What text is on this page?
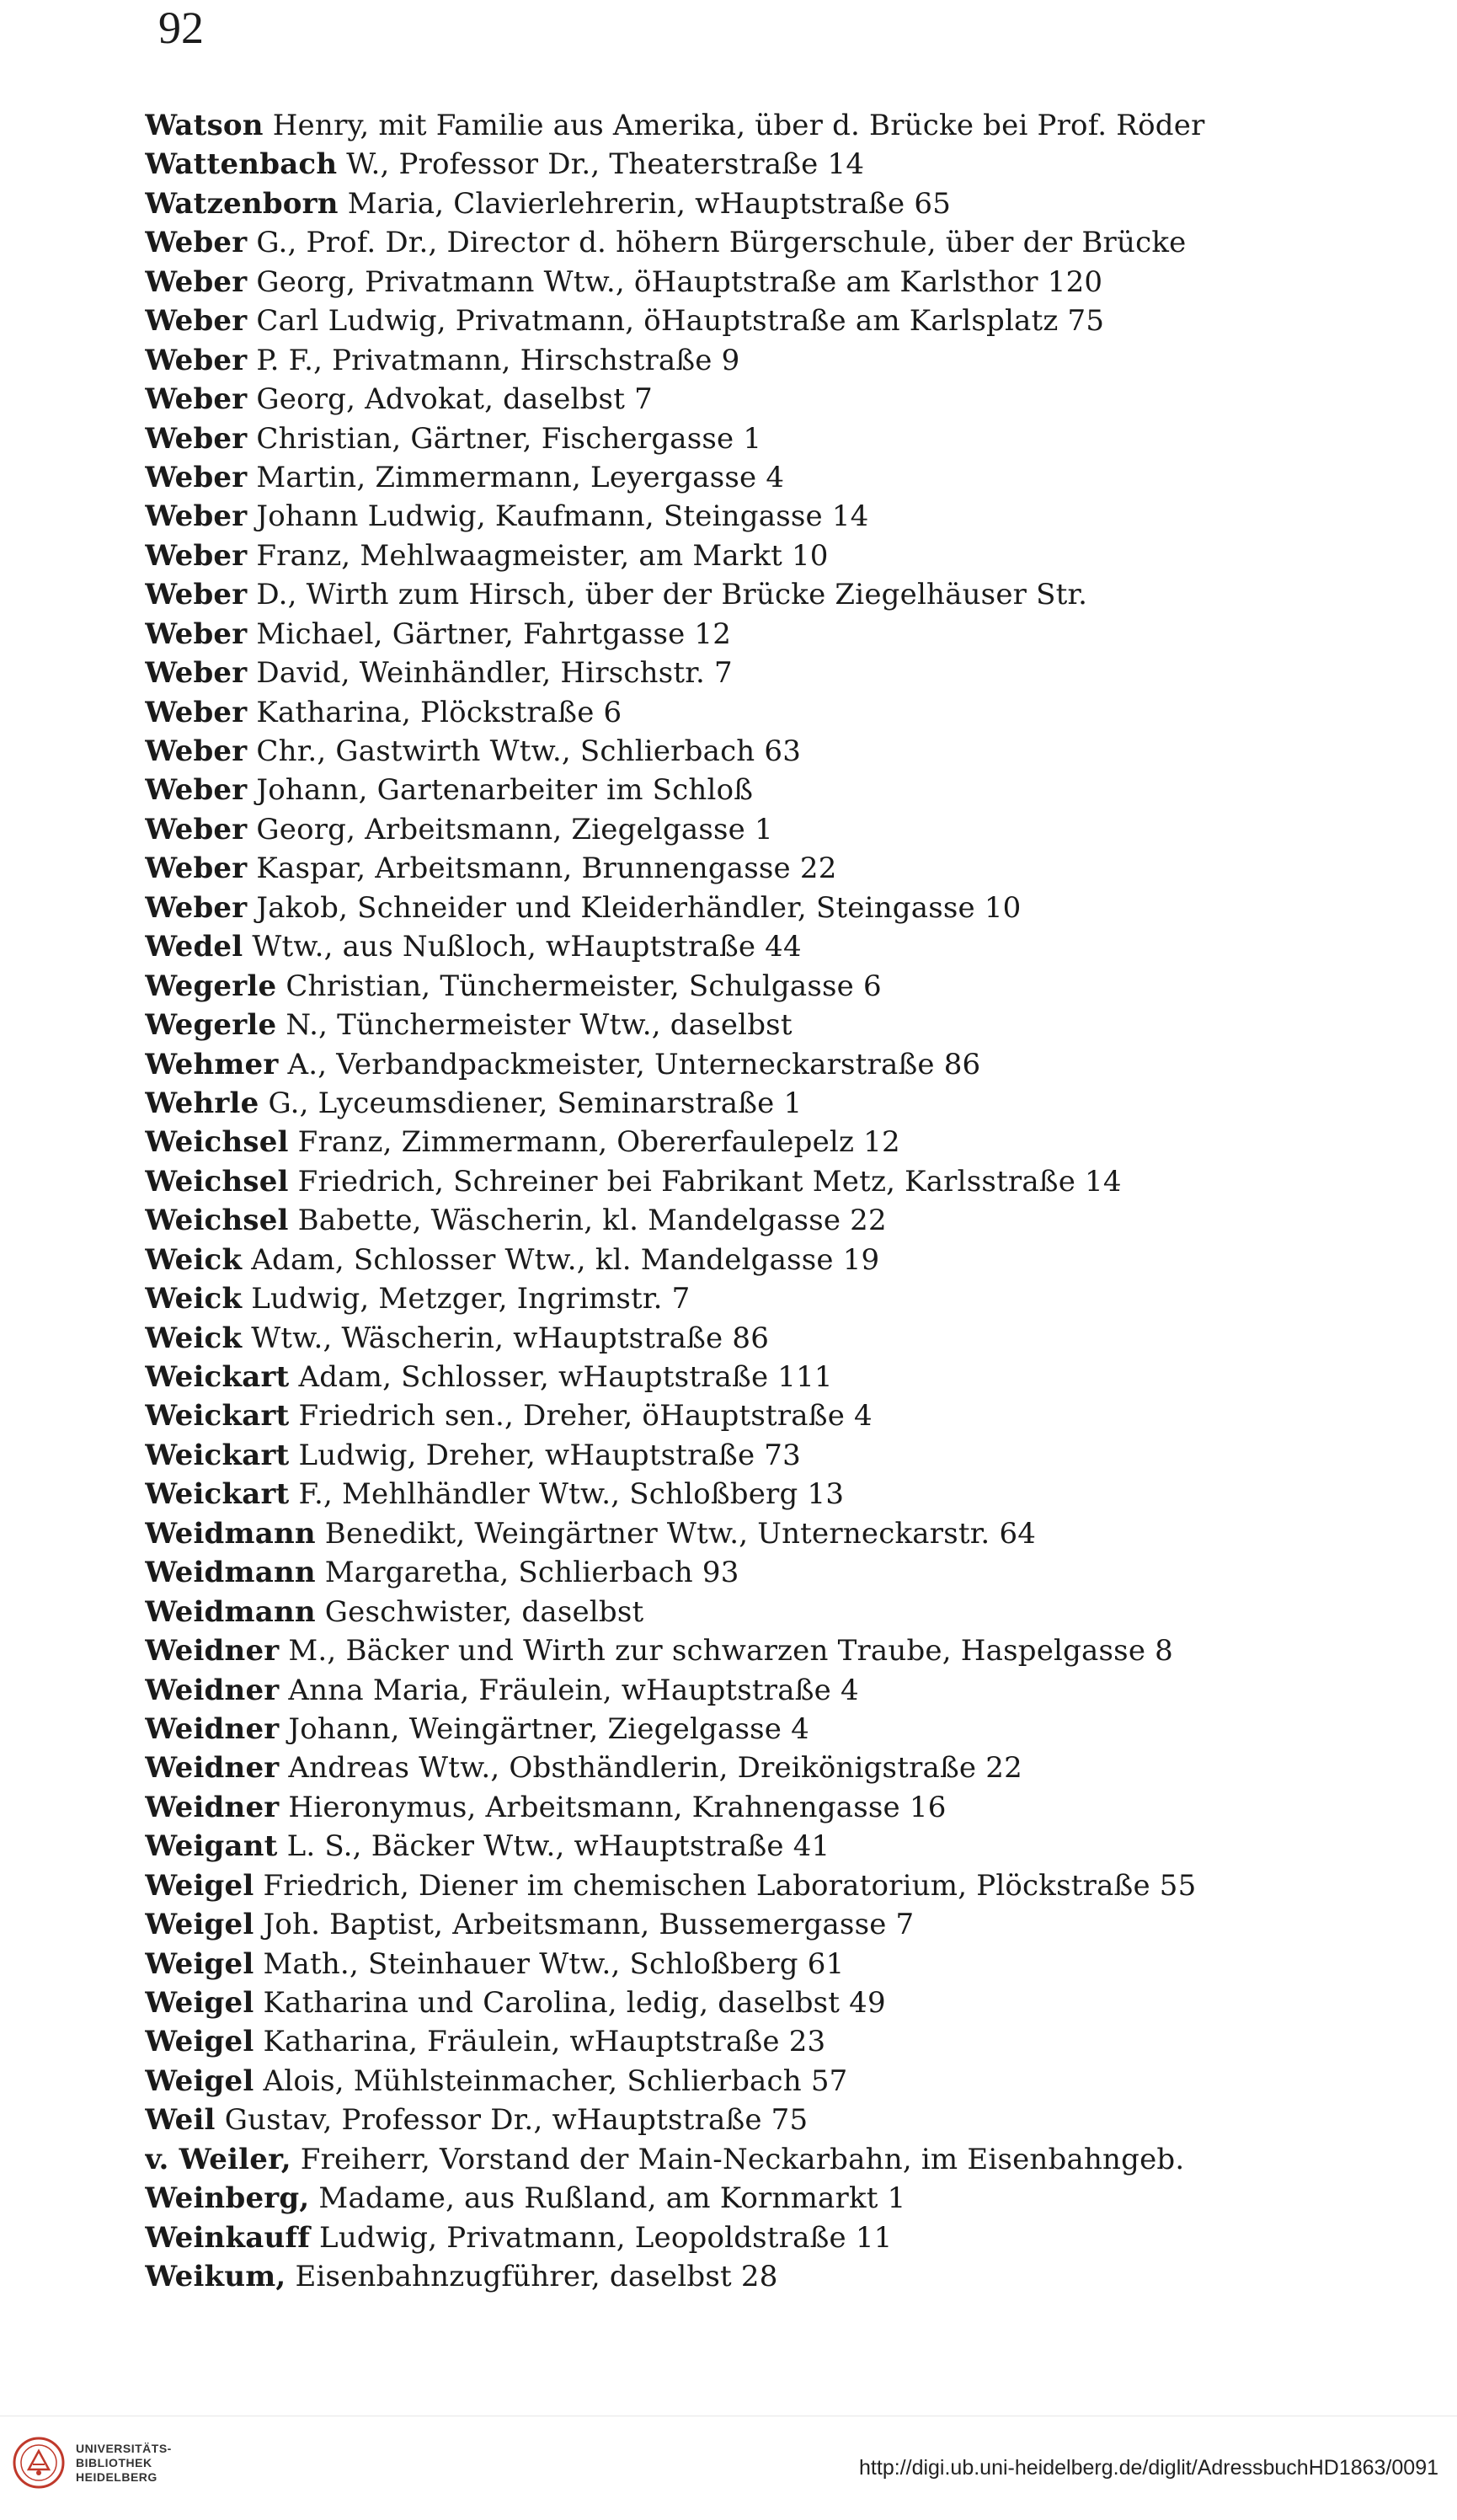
92
Watson Henry, mit Familie aus Amerika, über d. Brücke bei Prof. Röder
Wattenbach W., Professor Dr., Theaterstraße 14
Watzenborn Maria, Clavierlehrerin, wHauptstraße 65
Weber G., Prof. Dr., Director d. höhern Bürgerschule, über der Brücke
Weber Georg, Privatmann Wtw., öHauptstraße am Karlsthor 120
Weber Carl Ludwig, Privatmann, öHauptstraße am Karlsplatz 75
Weber P. F., Privatmann, Hirschstraße 9
Weber Georg, Advokat, daselbst 7
Weber Christian, Gärtner, Fischergasse 1
Weber Martin, Zimmermann, Leyergasse 4
Weber Johann Ludwig, Kaufmann, Steingasse 14
Weber Franz, Mehlwaagmeister, am Markt 10
Weber D., Wirth zum Hirsch, über der Brücke Ziegelhäuser Str.
Weber Michael, Gärtner, Fahrtgasse 12
Weber David, Weinhändler, Hirschstr. 7
Weber Katharina, Plöckstraße 6
Weber Chr., Gastwirth Wtw., Schlierbach 63
Weber Johann, Gartenarbeiter im Schloß
Weber Georg, Arbeitsmann, Ziegelgasse 1
Weber Kaspar, Arbeitsmann, Brunnengasse 22
Weber Jakob, Schneider und Kleiderhändler, Steingasse 10
Wedel Wtw., aus Nußloch, wHauptstraße 44
Wegerle Christian, Tünchermeister, Schulgasse 6
Wegerle N., Tünchermeister Wtw., daselbst
Wehmer A., Verbandpackmeister, Unterneckarstraße 86
Wehrle G., Lyceumsdiener, Seminarstraße 1
Weichsel Franz, Zimmermann, Obererfaulepelz 12
Weichsel Friedrich, Schreiner bei Fabrikant Metz, Karlsstraße 14
Weichsel Babette, Wäscherin, kl. Mandelgasse 22
Weick Adam, Schlosser Wtw., kl. Mandelgasse 19
Weick Ludwig, Metzger, Ingrimstr. 7
Weick Wtw., Wäscherin, wHauptstraße 86
Weickart Adam, Schlosser, wHauptstraße 111
Weickart Friedrich sen., Dreher, öHauptstraße 4
Weickart Ludwig, Dreher, wHauptstraße 73
Weickart F., Mehlhändler Wtw., Schloßberg 13
Weidmann Benedikt, Weingärtner Wtw., Unterneckarstr. 64
Weidmann Margaretha, Schlierbach 93
Weidmann Geschwister, daselbst
Weidner M., Bäcker und Wirth zur schwarzen Traube, Haspelgasse 8
Weidner Anna Maria, Fräulein, wHauptstraße 4
Weidner Johann, Weingärtner, Ziegelgasse 4
Weidner Andreas Wtw., Obsthändlerin, Dreikönigstraße 22
Weidner Hieronymus, Arbeitsmann, Krahnengasse 16
Weigant L. S., Bäcker Wtw., wHauptstraße 41
Weigel Friedrich, Diener im chemischen Laboratorium, Plöckstraße 55
Weigel Joh. Baptist, Arbeitsmann, Bussemergasse 7
Weigel Math., Steinhauer Wtw., Schloßberg 61
Weigel Katharina und Carolina, ledig, daselbst 49
Weigel Katharina, Fräulein, wHauptstraße 23
Weigel Alois, Mühlsteinmacher, Schlierbach 57
Weil Gustav, Professor Dr., wHauptstraße 75
v. Weiler, Freiherr, Vorstand der Main-Neckarbahn, im Eisenbahngeb.
Weinberg, Madame, aus Rußland, am Kornmarkt 1
Weinkauff Ludwig, Privatmann, Leopoldstraße 11
Weikum, Eisenbahnzugführer, daselbst 28
UNIVERSITÄTS-
BIBLIOTHEK
HEIDELBERG	http://digi.ub.uni-heidelberg.de/diglit/AdressbuchHD1863/0091
